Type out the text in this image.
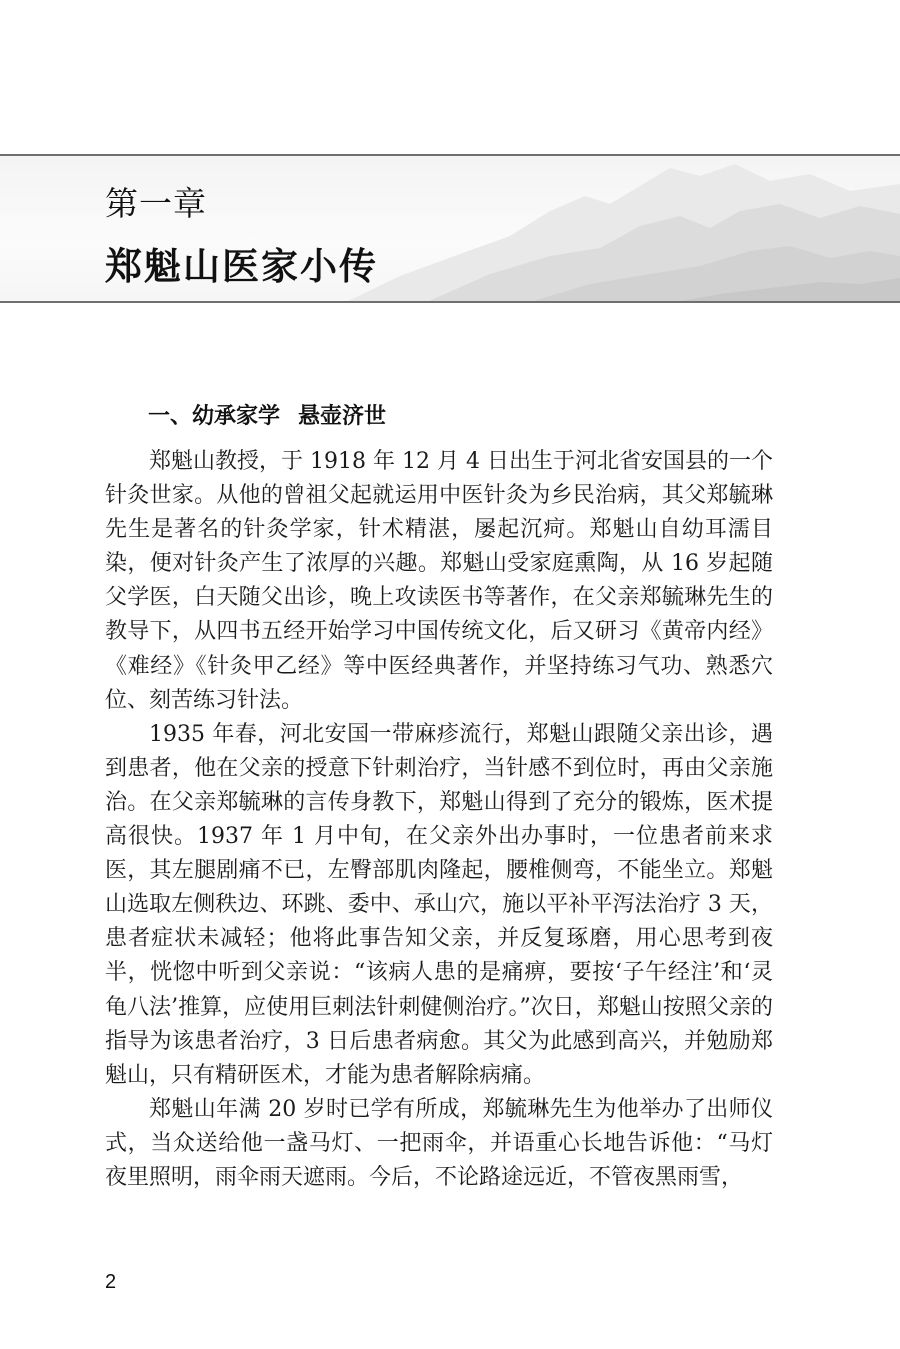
第一章
郑魁山医家小传
一、幼承家学 悬壶济世

郑魁山教授，于 1918 年 12 月 4 日出生于河北省安国县的一个针灸世家。从他的曾祖父起就运用中医针灸为乡民治病，其父郑毓琳先生是著名的针灸学家，针术精湛，屡起沉疴。郑魁山自幼耳濡目染，便对针灸产生了浓厚的兴趣。郑魁山受家庭熏陶，从 16 岁起随父学医，白天随父出诊，晚上攻读医书等著作，在父亲郑毓琳先生的教导下，从四书五经开始学习中国传统文化，后又研习《黄帝内经》《难经》《针灸甲乙经》等中医经典著作，并坚持练习气功、熟悉穴位、刻苦练习针法。

1935 年春，河北安国一带麻疹流行，郑魁山跟随父亲出诊，遇到患者，他在父亲的授意下针刺治疗，当针感不到位时，再由父亲施治。在父亲郑毓琳的言传身教下，郑魁山得到了充分的锻炼，医术提高很快。1937 年 1 月中旬，在父亲外出办事时，一位患者前来求医，其左腿剧痛不已，左臀部肌肉隆起，腰椎侧弯，不能坐立。郑魁山选取左侧秩边、环跳、委中、承山穴，施以平补平泻法治疗 3 天，患者症状未减轻；他将此事告知父亲，并反复琢磨，用心思考到夜半，恍惚中听到父亲说：“该病人患的是痛痹，要按‘子午经注’和‘灵龟八法’推算，应使用巨刺法针刺健侧治疗。”次日，郑魁山按照父亲的指导为该患者治疗，3 日后患者病愈。其父为此感到高兴，并勉励郑魁山，只有精研医术，才能为患者解除病痛。

郑魁山年满 20 岁时已学有所成，郑毓琳先生为他举办了出师仪式，当众送给他一盏马灯、一把雨伞，并语重心长地告诉他：“马灯夜里照明，雨伞雨天遮雨。今后，不论路途远近，不管夜黑雨雪，

2
